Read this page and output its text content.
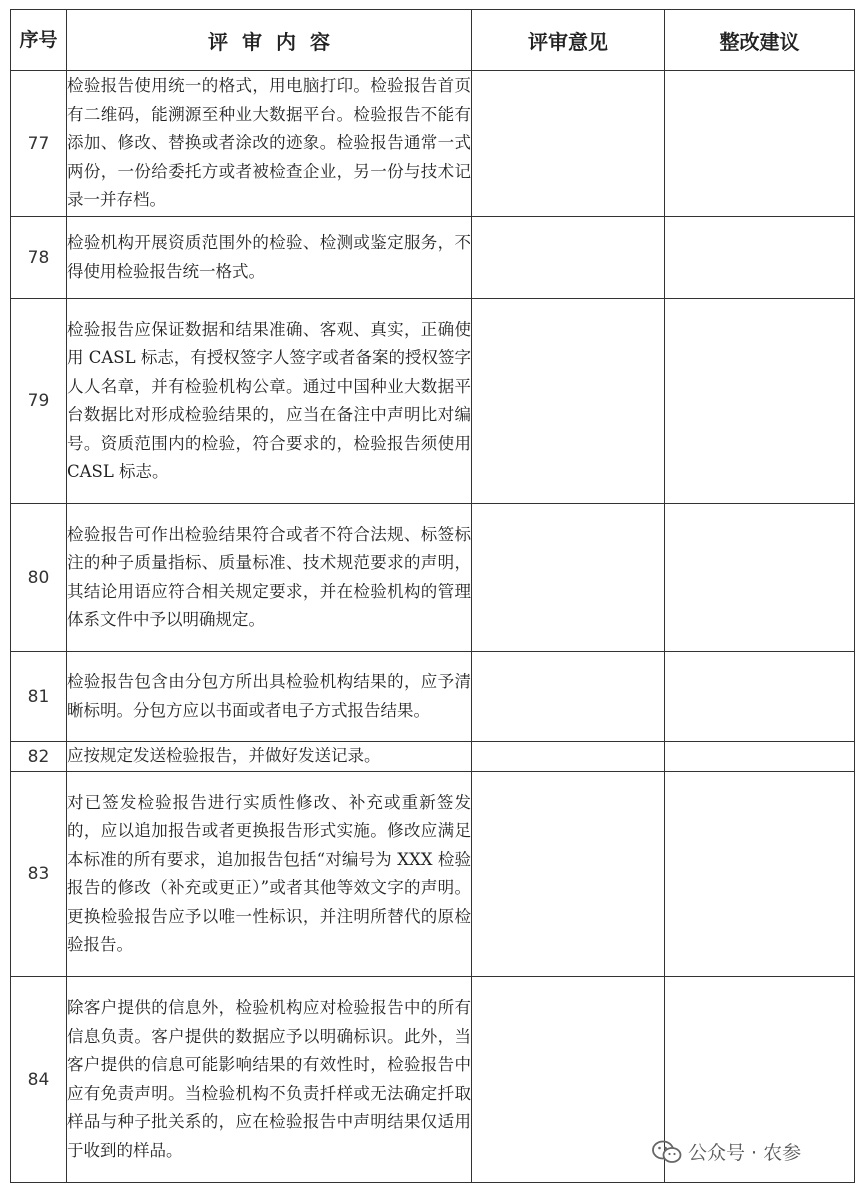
序号	评审内容	评审意见	整改建议
77	检验报告使用统一的格式，用电脑打印。检验报告首页有二维码，能溯源至种业大数据平台。检验报告不能有添加、修改、替换或者涂改的迹象。检验报告通常一式两份，一份给委托方或者被检查企业，另一份与技术记录一并存档。		
78	检验机构开展资质范围外的检验、检测或鉴定服务，不得使用检验报告统一格式。		
79	检验报告应保证数据和结果准确、客观、真实，正确使用 CASL 标志，有授权签字人签字或者备案的授权签字人人名章，并有检验机构公章。通过中国种业大数据平台数据比对形成检验结果的，应当在备注中声明比对编号。资质范围内的检验，符合要求的，检验报告须使用 CASL 标志。		
80	检验报告可作出检验结果符合或者不符合法规、标签标注的种子质量指标、质量标准、技术规范要求的声明，其结论用语应符合相关规定要求，并在检验机构的管理体系文件中予以明确规定。		
81	检验报告包含由分包方所出具检验机构结果的，应予清晰标明。分包方应以书面或者电子方式报告结果。		
82	应按规定发送检验报告，并做好发送记录。		
83	对已签发检验报告进行实质性修改、补充或重新签发的，应以追加报告或者更换报告形式实施。修改应满足本标准的所有要求，追加报告包括“对编号为 XXX 检验报告的修改（补充或更正）”或者其他等效文字的声明。更换检验报告应予以唯一性标识，并注明所替代的原检验报告。		
84	除客户提供的信息外，检验机构应对检验报告中的所有信息负责。客户提供的数据应予以明确标识。此外，当客户提供的信息可能影响结果的有效性时，检验报告中应有免责声明。当检验机构不负责扦样或无法确定扦取样品与种子批关系的，应在检验报告中声明结果仅适用于收到的样品。			公众号 · 农参
